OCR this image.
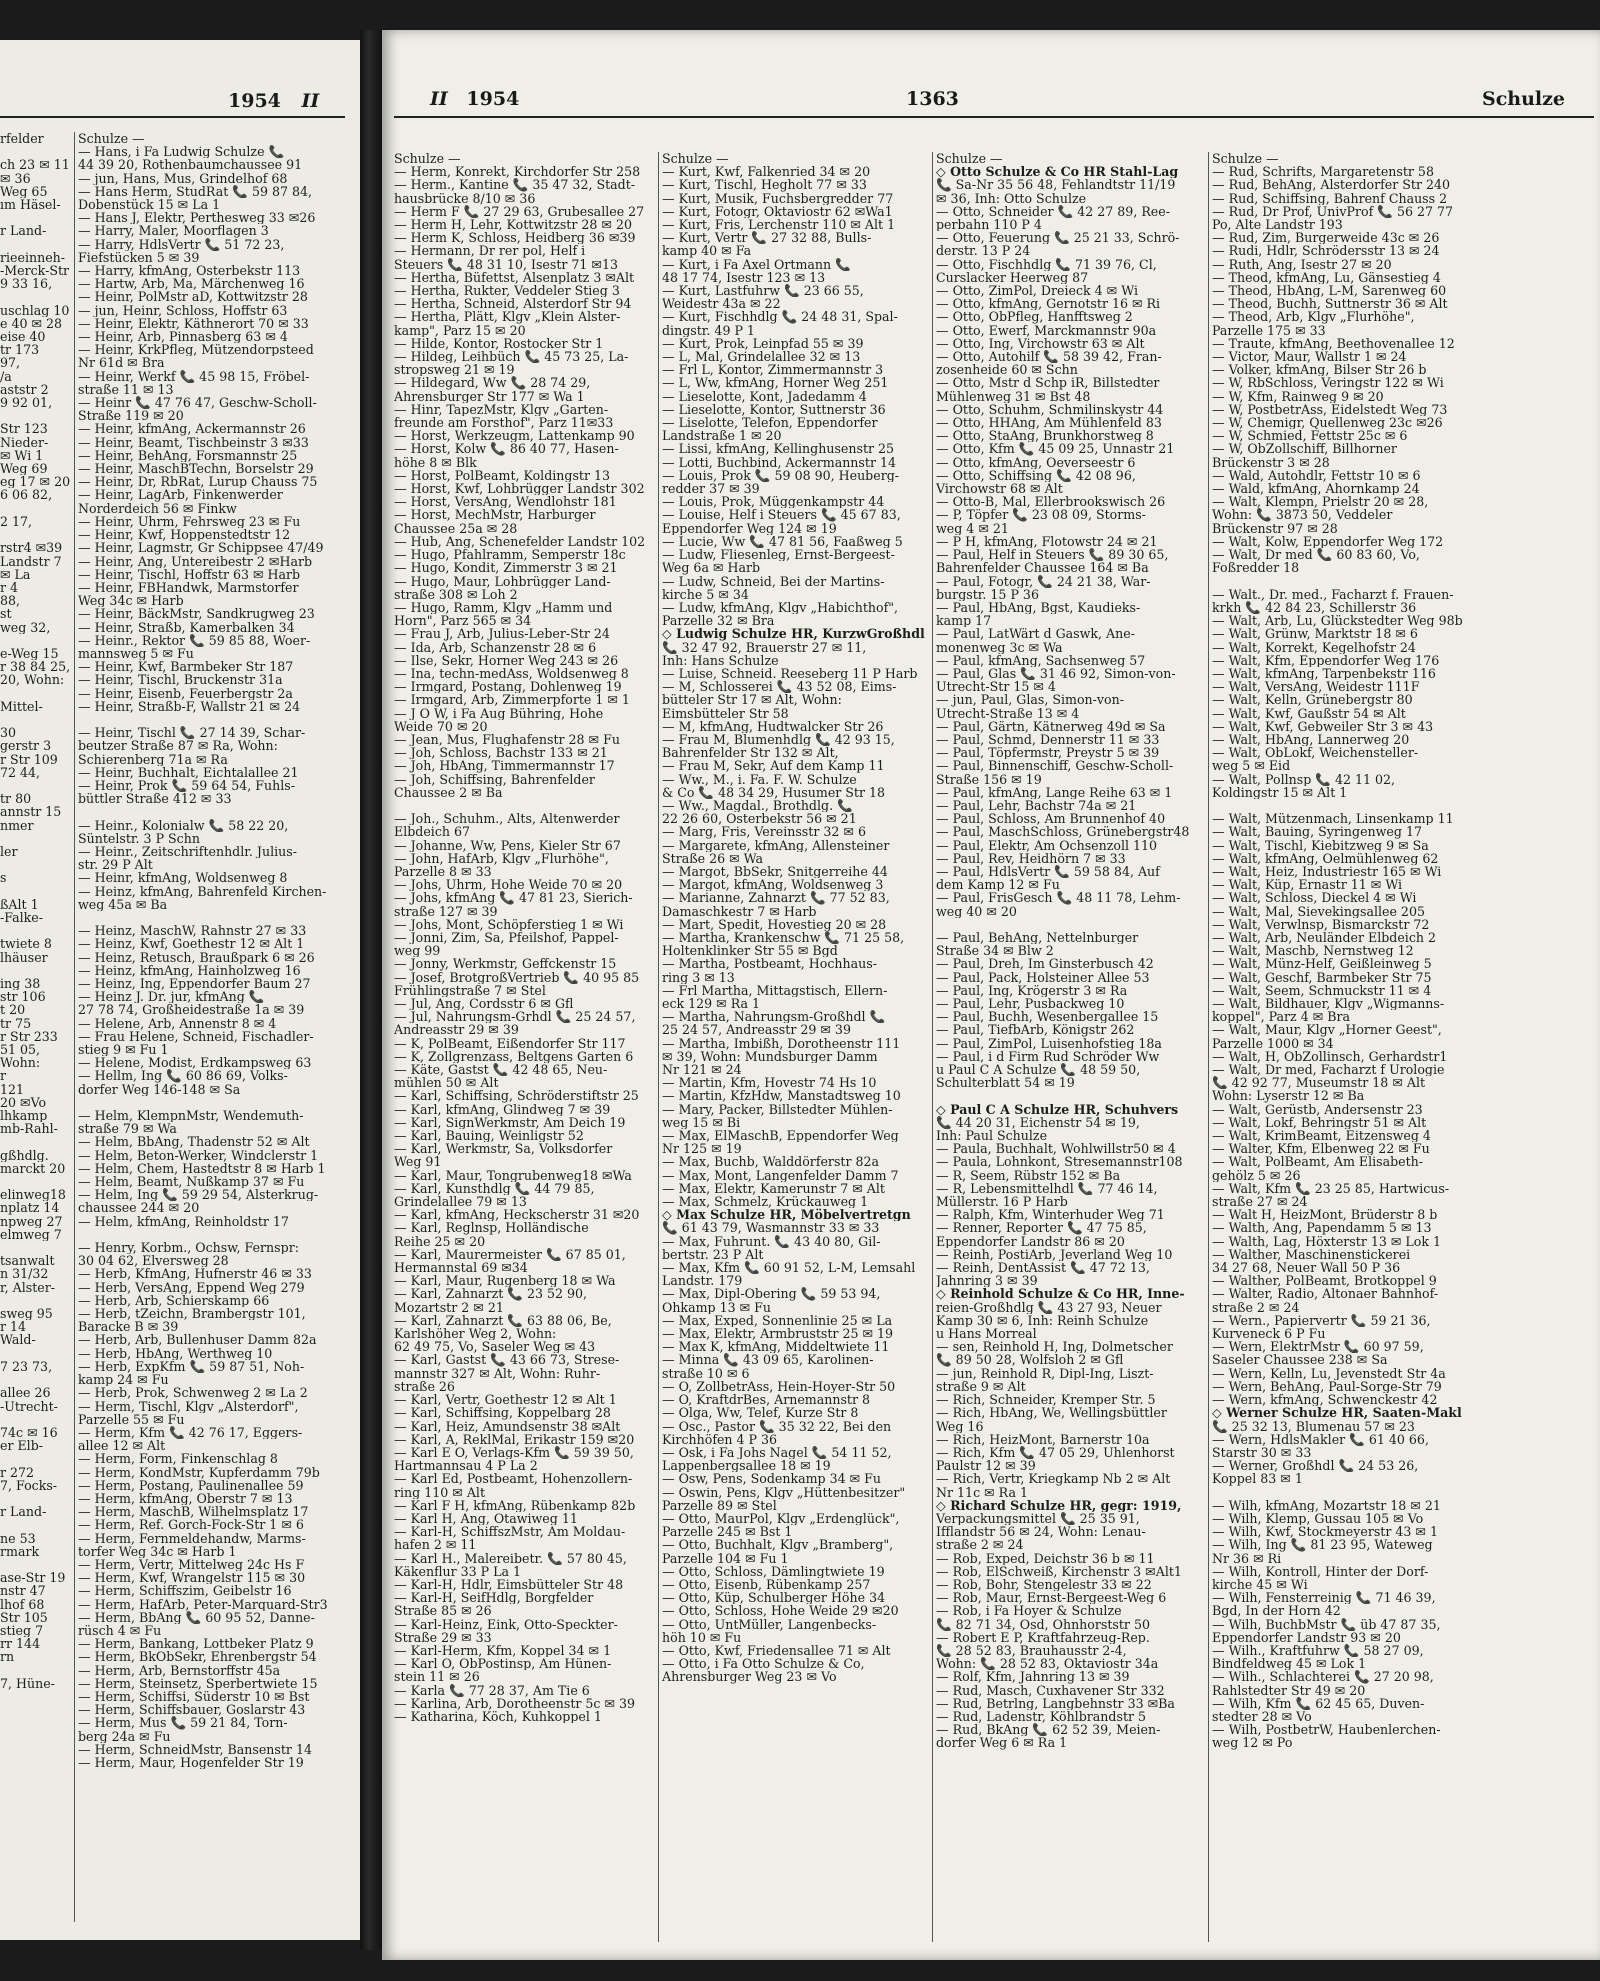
1954 II
rfelder

ch 23 ✉ 11
✉ 36
Weg 65
ım Häsel-

r Land-

rieeinneh-
-Merck-Str
9 33 16,

uschlag 10
e 40 ✉ 28
eise 40
tr 173
97,
/a
aststr 2
9 92 01,

Str 123
Nieder-
✉ Wi 1
Weg 69
eg 17 ✉ 20
6 06 82,

2 17,

rstr4 ✉39
Landstr 7
✉ La
r 4
88,
st
weg 32,

e-Weg 15
r 38 84 25,
20, Wohn:

Mittel-

30
gerstr 3
r Str 109
72 44,

tr 80
annstr 15
nmer

ler

s

ßAlt 1
-Falke-

twiete 8
lhäuser

ing 38
str 106
t 20
tr 75
r Str 233
51 05,
Wohn:
r
121
20 ✉Vo
lhkamp
mb-Rahl-

gßhdlg.
marckt 20

elinweg18
nplatz 14
npweg 27
elmweg 7

tsanwalt
n 31/32
r, Alster-

sweg 95
r 14
Wald-

7 23 73,

allee 26
-Utrecht-

74c ✉ 16
er Elb-

r 272
7, Focks-

r Land-

ne 53
rmark

ase-Str 19
nstr 47
lhof 68
Str 105
stieg 7
rr 144
rn

7, Hüne-
Schulze —
— Hans, i Fa Ludwig Schulze 📞
44 39 20, Rothenbaumchaussee 91
— jun, Hans, Mus, Grindelhof 68
— Hans Herm, StudRat 📞 59 87 84,
Dobenstück 15 ✉ La 1
— Hans J, Elektr, Perthesweg 33 ✉26
— Harry, Maler, Moorflagen 3
— Harry, HdlsVertr 📞 51 72 23,
Fiefstücken 5 ✉ 39
— Harry, kfmAng, Osterbekstr 113
— Hartw, Arb, Ma, Märchenweg 16
— Heinr, PolMstr aD, Kottwitzstr 28
— jun, Heinr, Schloss, Hoffstr 63
— Heinr, Elektr, Käthnerort 70 ✉ 33
— Heinr, Arb, Pinnasberg 63 ✉ 4
— Heinr, KrkPfleg, Mützendorpsteed
Nr 61d ✉ Bra
— Heinr, Werkf 📞 45 98 15, Fröbel-
straße 11 ✉ 13
— Heinr 📞 47 76 47, Geschw-Scholl-
Straße 119 ✉ 20
— Heinr, kfmAng, Ackermannstr 26
— Heinr, Beamt, Tischbeinstr 3 ✉33
— Heinr, BehAng, Forsmannstr 25
— Heinr, MaschBTechn, Borselstr 29
— Heinr, Dr, RbRat, Lurup Chauss 75
— Heinr, LagArb, Finkenwerder
Norderdeich 56 ✉ Finkw
— Heinr, Uhrm, Fehrsweg 23 ✉ Fu
— Heinr, Kwf, Hoppenstedtstr 12
— Heinr, Lagmstr, Gr Schippsee 47/49
— Heinr, Ang, Untereibestr 2 ✉Harb
— Heinr, Tischl, Hoffstr 63 ✉ Harb
— Heinr, FBHandwk, Marmstorfer
Weg 34c ✉ Harb
— Heinr, BäckMstr, Sandkrugweg 23
— Heinr, Straßb, Kamerbalken 34
— Heinr., Rektor 📞 59 85 88, Woer-
mannsweg 5 ✉ Fu
— Heinr, Kwf, Barmbeker Str 187
— Heinr, Tischl, Bruckenstr 31a
— Heinr, Eisenb, Feuerbergstr 2a
— Heinr, Straßb-F, Wallstr 21 ✉ 24

— Heinr, Tischl 📞 27 14 39, Schar-
beutzer Straße 87 ✉ Ra, Wohn:
Schierenberg 71a ✉ Ra
— Heinr, Buchhalt, Eichtalallee 21
— Heinr, Prok 📞 59 64 54, Fuhls-
büttler Straße 412 ✉ 33

— Heinr., Kolonialw 📞 58 22 20,
Süntelstr. 3 P Schn
— Heinr., Zeitschriftenhdlr. Julius-
str. 29 P Alt
— Heinr, kfmAng, Woldsenweg 8
— Heinz, kfmAng, Bahrenfeld Kirchen-
weg 45a ✉ Ba

— Heinz, MaschW, Rahnstr 27 ✉ 33
— Heinz, Kwf, Goethestr 12 ✉ Alt 1
— Heinz, Retusch, Braußpark 6 ✉ 26
— Heinz, kfmAng, Hainholzweg 16
— Heinz, Ing, Eppendorfer Baum 27
— Heinz J. Dr. jur, kfmAng 📞
27 78 74, Großheidestraße 1a ✉ 39
— Helene, Arb, Annenstr 8 ✉ 4
— Frau Helene, Schneid, Fischadler-
stieg 9 ✉ Fu 1
— Helene, Modist, Erdkampsweg 63
— Hellm, Ing 📞 60 86 69, Volks-
dorfer Weg 146-148 ✉ Sa

— Helm, KlempnMstr, Wendemuth-
straße 79 ✉ Wa
— Helm, BbAng, Thadenstr 52 ✉ Alt
— Helm, Beton-Werker, Windclerstr 1
— Helm, Chem, Hastedtstr 8 ✉ Harb 1
— Helm, Beamt, Nußkamp 37 ✉ Fu
— Helm, Ing 📞 59 29 54, Alsterkrug-
chaussee 244 ✉ 20
— Helm, kfmAng, Reinholdstr 17

— Henry, Korbm., Ochsw, Fernspr:
30 04 62, Elversweg 28
— Herb, KfmAng, Hufnerstr 46 ✉ 33
— Herb, VersAng, Eppend Weg 279
— Herb, Arb, Schierskamp 66
— Herb, tZeichn, Brambergstr 101,
Baracke B ✉ 39
— Herb, Arb, Bullenhuser Damm 82a
— Herb, HbAng, Werthweg 10
— Herb, ExpKfm 📞 59 87 51, Noh-
kamp 24 ✉ Fu
— Herb, Prok, Schwenweg 2 ✉ La 2
— Herm, Tischl, Klgv „Alsterdorf",
Parzelle 55 ✉ Fu
— Herm, Kfm 📞 42 76 17, Eggers-
allee 12 ✉ Alt
— Herm, Form, Finkenschlag 8
— Herm, KondMstr, Kupferdamm 79b
— Herm, Postang, Paulinenallee 59
— Herm, kfmAng, Oberstr 7 ✉ 13
— Herm, MaschB, Wilhelmsplatz 17
— Herm, Ref. Gorch-Fock-Str 1 ✉ 6
— Herm, Fernmeldehandw, Marms-
torfer Weg 34c ✉ Harb 1
— Herm, Vertr, Mittelweg 24c Hs F
— Herm, Kwf, Wrangelstr 115 ✉ 30
— Herm, Schiffszim, Geibelstr 16
— Herm, HafArb, Peter-Marquard-Str3
— Herm, BbAng 📞 60 95 52, Danne-
rüsch 4 ✉ Fu
— Herm, Bankang, Lottbeker Platz 9
— Herm, BkObSekr, Ehrenbergstr 54
— Herm, Arb, Bernstorffstr 45a
— Herm, Steinsetz, Sperbertwiete 15
— Herm, Schiffsi, Süderstr 10 ✉ Bst
— Herm, Schiffsbauer, Goslarstr 43
— Herm, Mus 📞 59 21 84, Torn-
berg 24a ✉ Fu
— Herm, SchneidMstr, Bansenstr 14
— Herm, Maur, Hogenfelder Str 19
II 1954	1363	Schulze
Schulze —
— Herm, Konrekt, Kirchdorfer Str 258
— Herm., Kantine 📞 35 47 32, Stadt-
hausbrücke 8/10 ✉ 36
— Herm F 📞 27 29 63, Grubesallee 27
— Herm H, Lehr, Kottwitzstr 28 ✉ 20
— Herm K, Schloss, Heidberg 36 ✉39
— Hermann, Dr rer pol, Helf i
Steuers 📞 48 31 10, Isestr 71 ✉13
— Hertha, Büfettst, Alsenplatz 3 ✉Alt
— Hertha, Rukter, Veddeler Stieg 3
— Hertha, Schneid, Alsterdorf Str 94
— Hertha, Plätt, Klgv „Klein Alster-
kamp", Parz 15 ✉ 20
— Hilde, Kontor, Rostocker Str 1
— Hildeg, Leihbüch 📞 45 73 25, La-
stropsweg 21 ✉ 19
— Hildegard, Ww 📞 28 74 29,
Ahrensburger Str 177 ✉ Wa 1
— Hinr, TapezMstr, Klgv „Garten-
freunde am Forsthof", Parz 11✉33
— Horst, Werkzeugm, Lattenkamp 90
— Horst, Kolw 📞 86 40 77, Hasen-
höhe 8 ✉ Blk
— Horst, PolBeamt, Koldingstr 13
— Horst, Kwf, Lohbrügger Landstr 302
— Horst, VersAng, Wendlohstr 181
— Horst, MechMstr, Harburger
Chaussee 25a ✉ 28
— Hub, Ang, Schenefelder Landstr 102
— Hugo, Pfahlramm, Semperstr 18c
— Hugo, Kondit, Zimmerstr 3 ✉ 21
— Hugo, Maur, Lohbrügger Land-
straße 308 ✉ Loh 2
— Hugo, Ramm, Klgv „Hamm und
Horn", Parz 565 ✉ 34
— Frau J, Arb, Julius-Leber-Str 24
— Ida, Arb, Schanzenstr 28 ✉ 6
— Ilse, Sekr, Horner Weg 243 ✉ 26
— Ina, techn-medAss, Woldsenweg 8
— Irmgard, Postang, Dohlenweg 19
— Irmgard, Arb, Zimmerpforte 1 ✉ 1
— J O W, i Fa Aug Bühring, Hohe
Weide 70 ✉ 20
— Jean, Mus, Flughafenstr 28 ✉ Fu
— Joh, Schloss, Bachstr 133 ✉ 21
— Joh, HbAng, Timmermannstr 17
— Joh, Schiffsing, Bahrenfelder
Chaussee 2 ✉ Ba

— Joh., Schuhm., Alts, Altenwerder
Elbdeich 67
— Johanne, Ww, Pens, Kieler Str 67
— John, HafArb, Klgv „Flurhöhe",
Parzelle 8 ✉ 33
— Johs, Uhrm, Hohe Weide 70 ✉ 20
— Johs, kfmAng 📞 47 81 23, Sierich-
straße 127 ✉ 39
— Johs, Mont, Schöpferstieg 1 ✉ Wi
— Jonni, Zim, Sa, Pfeilshof, Pappel-
weg 99
— Jonny, Werkmstr, Geffckenstr 15
— Josef, BrotgroßVertrieb 📞 40 95 85
Frühlingstraße 7 ✉ Stel
— Jul, Ang, Cordsstr 6 ✉ Gfl
— Jul, Nahrungsm-Grhdl 📞 25 24 57,
Andreasstr 29 ✉ 39
— K, PolBeamt, Eißendorfer Str 117
— K, Zollgrenzass, Beltgens Garten 6
— Käte, Gastst 📞 42 48 65, Neu-
mühlen 50 ✉ Alt
— Karl, Schiffsing, Schröderstiftstr 25
— Karl, kfmAng, Glindweg 7 ✉ 39
— Karl, SignWerkmstr, Am Deich 19
— Karl, Bauing, Weinligstr 52
— Karl, Werkmstr, Sa, Volksdorfer
Weg 91
— Karl, Maur, Tongrubenweg18 ✉Wa
— Karl, Kunsthdlg 📞 44 79 85,
Grindelallee 79 ✉ 13
— Karl, kfmAng, Heckscherstr 31 ✉20
— Karl, Reglnsp, Holländische
Reihe 25 ✉ 20
— Karl, Maurermeister 📞 67 85 01,
Hermannstal 69 ✉34
— Karl, Maur, Rugenberg 18 ✉ Wa
— Karl, Zahnarzt 📞 23 52 90,
Mozartstr 2 ✉ 21
— Karl, Zahnarzt 📞 63 88 06, Be,
Karlshöher Weg 2, Wohn:
62 49 75, Vo, Saseler Weg ✉ 43
— Karl, Gastst 📞 43 66 73, Strese-
mannstr 327 ✉ Alt, Wohn: Ruhr-
straße 26
— Karl, Vertr, Goethestr 12 ✉ Alt 1
— Karl, Schiffsing, Koppelbarg 28
— Karl, Heiz, Amundsenstr 38 ✉Alt
— Karl, A, ReklMal, Erikastr 159 ✉20
— Karl E O, Verlags-Kfm 📞 59 39 50,
Hartmannsau 4 P La 2
— Karl Ed, Postbeamt, Hohenzollern-
ring 110 ✉ Alt
— Karl F H, kfmAng, Rübenkamp 82b
— Karl H, Ang, Otawiweg 11
— Karl-H, SchiffszMstr, Am Moldau-
hafen 2 ✉ 11
— Karl H., Malereibetr. 📞 57 80 45,
Käkenflur 33 P La 1
— Karl-H, Hdlr, Eimsbütteler Str 48
— Karl-H, SeifHdlg, Borgfelder
Straße 85 ✉ 26
— Karl-Heinz, Eink, Otto-Speckter-
Straße 29 ✉ 33
— Karl-Herm, Kfm, Koppel 34 ✉ 1
— Karl O, ObPostinsp, Am Hünen-
stein 11 ✉ 26
— Karla 📞 77 28 37, Am Tie 6
— Karlina, Arb, Dorotheenstr 5c ✉ 39
— Katharina, Köch, Kuhkoppel 1
Schulze —
— Kurt, Kwf, Falkenried 34 ✉ 20
— Kurt, Tischl, Hegholt 77 ✉ 33
— Kurt, Musik, Fuchsbergredder 77
— Kurt, Fotogr, Oktaviostr 62 ✉Wa1
— Kurt, Fris, Lerchenstr 110 ✉ Alt 1
— Kurt, Vertr 📞 27 32 88, Bulls-
kamp 40 ✉ Fa
— Kurt, i Fa Axel Ortmann 📞
48 17 74, Isestr 123 ✉ 13
— Kurt, Lastfuhrw 📞 23 66 55,
Weidestr 43a ✉ 22
— Kurt, Fischhdlg 📞 24 48 31, Spal-
dingstr. 49 P 1
— Kurt, Prok, Leinpfad 55 ✉ 39
— L, Mal, Grindelallee 32 ✉ 13
— Frl L, Kontor, Zimmermannstr 3
— L, Ww, kfmAng, Horner Weg 251
— Lieselotte, Kont, Jadedamm 4
— Lieselotte, Kontor, Suttnerstr 36
— Liselotte, Telefon, Eppendorfer
Landstraße 1 ✉ 20
— Lissi, kfmAng, Kellinghusenstr 25
— Lotti, Buchbind, Ackermannstr 14
— Louis, Prok 📞 59 08 90, Heuberg-
redder 37 ✉ 39
— Louis, Prok, Müggenkampstr 44
— Louise, Helf i Steuers 📞 45 67 83,
Eppendorfer Weg 124 ✉ 19
— Lucie, Ww 📞 47 81 56, Faaßweg 5
— Ludw, Fliesenleg, Ernst-Bergeest-
Weg 6a ✉ Harb
— Ludw, Schneid, Bei der Martins-
kirche 5 ✉ 34
— Ludw, kfmAng, Klgv „Habichthof",
Parzelle 32 ✉ Bra
◇ Ludwig Schulze HR, KurzwGroßhdl
📞 32 47 92, Brauerstr 27 ✉ 11,
Inh: Hans Schulze
— Luise, Schneid. Reeseberg 11 P Harb
— M, Schlosserei 📞 43 52 08, Eims-
bütteler Str 17 ✉ Alt, Wohn:
Eimsbütteler Str 58
— M, kfmAng, Hudtwalcker Str 26
— Frau M, Blumenhdlg 📞 42 93 15,
Bahrenfelder Str 132 ✉ Alt,
— Frau M, Sekr, Auf dem Kamp 11
— Ww., M., i. Fa. F. W. Schulze
& Co 📞 48 34 29, Husumer Str 18
— Ww., Magdal., Brothdlg. 📞
22 26 60, Osterbekstr 56 ✉ 21
— Marg, Fris, Vereinsstr 32 ✉ 6
— Margarete, kfmAng, Allensteiner
Straße 26 ✉ Wa
— Margot, BbSekr, Snitgerreihe 44
— Margot, kfmAng, Woldsenweg 3
— Marianne, Zahnarzt 📞 77 52 83,
Damaschkestr 7 ✉ Harb
— Mart, Spedit, Hovestieg 20 ✉ 28
— Martha, Krankenschw 📞 71 25 58,
Holtenklinker Str 55 ✉ Bgd
— Martha, Postbeamt, Hochhaus-
ring 3 ✉ 13
— Frl Martha, Mittagstisch, Ellern-
eck 129 ✉ Ra 1
— Martha, Nahrungsm-Großhdl 📞
25 24 57, Andreasstr 29 ✉ 39
— Martha, Imbißh, Dorotheenstr 111
✉ 39, Wohn: Mundsburger Damm
Nr 121 ✉ 24
— Martin, Kfm, Hovestr 74 Hs 10
— Martin, KfzHdw, Manstadtsweg 10
— Mary, Packer, Billstedter Mühlen-
weg 15 ✉ Bi
— Max, ElMaschB, Eppendorfer Weg
Nr 125 ✉ 19
— Max, Buchb, Walddörferstr 82a
— Max, Mont, Langenfelder Damm 7
— Max, Elektr, Kamerunstr 7 ✉ Alt
— Max, Schmelz, Krückauweg 1
◇ Max Schulze HR, Möbelvertretgn
📞 61 43 79, Wasmannstr 33 ✉ 33
— Max, Fuhrunt. 📞 43 40 80, Gil-
bertstr. 23 P Alt
— Max, Kfm 📞 60 91 52, L-M, Lemsahl
Landstr. 179
— Max, Dipl-Obering 📞 59 53 94,
Ohkamp 13 ✉ Fu
— Max, Exped, Sonnenlinie 25 ✉ La
— Max, Elektr, Armbruststr 25 ✉ 19
— Max K, kfmAng, Middeltwiete 11
— Minna 📞 43 09 65, Karolinen-
straße 10 ✉ 6
— O, ZollbetrAss, Hein-Hoyer-Str 50
— O, KraftdrBes, Arnemannstr 8
— Olga, Ww, Telef, Kurze Str 8
— Osc., Pastor 📞 35 32 22, Bei den
Kirchhöfen 4 P 36
— Osk, i Fa Johs Nagel 📞 54 11 52,
Lappenbergsallee 18 ✉ 19
— Osw, Pens, Sodenkamp 34 ✉ Fu
— Oswin, Pens, Klgv „Hüttenbesitzer"
Parzelle 89 ✉ Stel
— Otto, MaurPol, Klgv „Erdenglück",
Parzelle 245 ✉ Bst 1
— Otto, Buchhalt, Klgv „Bramberg",
Parzelle 104 ✉ Fu 1
— Otto, Schloss, Dämlingtwiete 19
— Otto, Eisenb, Rübenkamp 257
— Otto, Küp, Schulberger Höhe 34
— Otto, Schloss, Hohe Weide 29 ✉20
— Otto, UntMüller, Langenbecks-
höh 10 ✉ Fu
— Otto, Kwf, Friedensallee 71 ✉ Alt
— Otto, i Fa Otto Schulze & Co,
Ahrensburger Weg 23 ✉ Vo
Schulze —
◇ Otto Schulze & Co HR Stahl-Lag
📞 Sa-Nr 35 56 48, Fehlandtstr 11/19
✉ 36, Inh: Otto Schulze
— Otto, Schneider 📞 42 27 89, Ree-
perbahn 110 P 4
— Otto, Feuerung 📞 25 21 33, Schrö-
derstr. 13 P 24
— Otto, Fischhdlg 📞 71 39 76, Cl,
Curslacker Heerweg 87
— Otto, ZimPol, Dreieck 4 ✉ Wi
— Otto, kfmAng, Gernotstr 16 ✉ Ri
— Otto, ObPfleg, Hanfftsweg 2
— Otto, Ewerf, Marckmannstr 90a
— Otto, Ing, Virchowstr 63 ✉ Alt
— Otto, Autohilf 📞 58 39 42, Fran-
zosenheide 60 ✉ Schn
— Otto, Mstr d Schp iR, Billstedter
Mühlenweg 31 ✉ Bst 48
— Otto, Schuhm, Schmilinskystr 44
— Otto, HHAng, Am Mühlenfeld 83
— Otto, StaAng, Brunkhorstweg 8
— Otto, Kfm 📞 45 09 25, Unnastr 21
— Otto, kfmAng, Oeverseestr 6
— Otto, Schiffsing 📞 42 08 96,
Virchowstr 68 ✉ Alt
— Otto-B, Mal, Ellerbrookswisch 26
— P, Töpfer 📞 23 08 09, Storms-
weg 4 ✉ 21
— P H, kfmAng, Flotowstr 24 ✉ 21
— Paul, Helf in Steuers 📞 89 30 65,
Bahrenfelder Chaussee 164 ✉ Ba
— Paul, Fotogr, 📞 24 21 38, War-
burgstr. 15 P 36
— Paul, HbAng, Bgst, Kaudieks-
kamp 17
— Paul, LatWärt d Gaswk, Ane-
monenweg 3c ✉ Wa
— Paul, kfmAng, Sachsenweg 57
— Paul, Glas 📞 31 46 92, Simon-von-
Utrecht-Str 15 ✉ 4
— jun, Paul, Glas, Simon-von-
Utrecht-Straße 13 ✉ 4
— Paul, Gärtn, Kätnerweg 49d ✉ Sa
— Paul, Schmd, Dennerstr 11 ✉ 33
— Paul, Töpfermstr, Preystr 5 ✉ 39
— Paul, Binnenschiff, Geschw-Scholl-
Straße 156 ✉ 19
— Paul, kfmAng, Lange Reihe 63 ✉ 1
— Paul, Lehr, Bachstr 74a ✉ 21
— Paul, Schloss, Am Brunnenhof 40
— Paul, MaschSchloss, Grünebergstr48
— Paul, Elektr, Am Ochsenzoll 110
— Paul, Rev, Heidhörn 7 ✉ 33
— Paul, HdlsVertr 📞 59 58 84, Auf
dem Kamp 12 ✉ Fu
— Paul, FrisGesch 📞 48 11 78, Lehm-
weg 40 ✉ 20

— Paul, BehAng, Nettelnburger
Straße 34 ✉ Blw 2
— Paul, Dreh, Im Ginsterbusch 42
— Paul, Pack, Holsteiner Allee 53
— Paul, Ing, Krögerstr 3 ✉ Ra
— Paul, Lehr, Pusbackweg 10
— Paul, Buchh, Wesenbergallee 15
— Paul, TiefbArb, Königstr 262
— Paul, ZimPol, Luisenhofstieg 18a
— Paul, i d Firm Rud Schröder Ww
u Paul C A Schulze 📞 48 59 50,
Schulterblatt 54 ✉ 19

◇ Paul C A Schulze HR, Schuhvers
📞 44 20 31, Eichenstr 54 ✉ 19,
Inh: Paul Schulze
— Paula, Buchhalt, Wohlwillstr50 ✉ 4
— Paula, Lohnkont, Stresemannstr108
— R, Seem, Rübstr 152 ✉ Ba
— R, Lebensmittelhdl 📞 77 46 14,
Müllerstr. 16 P Harb
— Ralph, Kfm, Winterhuder Weg 71
— Renner, Reporter 📞 47 75 85,
Eppendorfer Landstr 86 ✉ 20
— Reinh, PostiArb, Jeverland Weg 10
— Reinh, DentAssist 📞 47 72 13,
Jahnring 3 ✉ 39
◇ Reinhold Schulze & Co HR, Inne-
reien-Großhdlg 📞 43 27 93, Neuer
Kamp 30 ✉ 6, Inh: Reinh Schulze
u Hans Morreal
— sen, Reinhold H, Ing, Dolmetscher
📞 89 50 28, Wolfsloh 2 ✉ Gfl
— jun, Reinhold R, Dipl-Ing, Liszt-
straße 9 ✉ Alt
— Rich, Schneider, Kremper Str. 5
— Rich, HbAng, We, Wellingsbüttler
Weg 16
— Rich, HeizMont, Barnerstr 10a
— Rich, Kfm 📞 47 05 29, Uhlenhorst
Paulstr 12 ✉ 39
— Rich, Vertr, Kriegkamp Nb 2 ✉ Alt
Nr 11c ✉ Ra 1
◇ Richard Schulze HR, gegr: 1919,
Verpackungsmittel 📞 25 35 91,
Ifflandstr 56 ✉ 24, Wohn: Lenau-
straße 2 ✉ 24
— Rob, Exped, Deichstr 36 b ✉ 11
— Rob, ElSchweiß, Kirchenstr 3 ✉Alt1
— Rob, Bohr, Stengelestr 33 ✉ 22
— Rob, Maur, Ernst-Bergeest-Weg 6
— Rob, i Fa Hoyer & Schulze
📞 82 71 34, Osd, Ohnhorststr 50
— Robert E P, Kraftfahrzeug-Rep.
📞 28 52 83, Brauhausstr 2-4,
Wohn: 📞 28 52 83, Oktaviostr 34a
— Rolf, Kfm, Jahnring 13 ✉ 39
— Rud, Masch, Cuxhavener Str 332
— Rud, Betrlng, Langbehnstr 33 ✉Ba
— Rud, Ladenstr, Köhlbrandstr 5
— Rud, BkAng 📞 62 52 39, Meien-
dorfer Weg 6 ✉ Ra 1
Schulze —
— Rud, Schrifts, Margaretenstr 58
— Rud, BehAng, Alsterdorfer Str 240
— Rud, Schiffsing, Bahrenf Chauss 2
— Rud, Dr Prof, UnivProf 📞 56 27 77
Po, Alte Landstr 193
— Rud, Zim, Burgerweide 43c ✉ 26
— Rudi, Hdlr, Schrödersstr 13 ✉ 24
— Ruth, Ang, Isestr 27 ✉ 20
— Theod, kfmAng, Lu, Gänsestieg 4
— Theod, HbAng, L-M, Sarenweg 60
— Theod, Buchh, Suttnerstr 36 ✉ Alt
— Theod, Arb, Klgv „Flurhöhe",
Parzelle 175 ✉ 33
— Traute, kfmAng, Beethovenallee 12
— Victor, Maur, Wallstr 1 ✉ 24
— Volker, kfmAng, Bilser Str 26 b
— W, RbSchloss, Veringstr 122 ✉ Wi
— W, Kfm, Rainweg 9 ✉ 20
— W, PostbetrAss, Eidelstedt Weg 73
— W, Chemigr, Quellenweg 23c ✉26
— W, Schmied, Fettstr 25c ✉ 6
— W, ObZollschiff, Billhorner
Brückenstr 3 ✉ 28
— Wald, Autohdlr, Fettstr 10 ✉ 6
— Wald, kfmAng, Ahornkamp 24
— Walt, Klempn, Prielstr 20 ✉ 28,
Wohn: 📞 3873 50, Veddeler
Brückenstr 97 ✉ 28
— Walt, Kolw, Eppendorfer Weg 172
— Walt, Dr med 📞 60 83 60, Vo,
Foßredder 18

— Walt., Dr. med., Facharzt f. Frauen-
krkh 📞 42 84 23, Schillerstr 36
— Walt, Arb, Lu, Glückstedter Weg 98b
— Walt, Grünw, Marktstr 18 ✉ 6
— Walt, Korrekt, Kegelhofstr 24
— Walt, Kfm, Eppendorfer Weg 176
— Walt, kfmAng, Tarpenbekstr 116
— Walt, VersAng, Weidestr 111F
— Walt, Kelln, Grünebergstr 80
— Walt, Kwf, Gaußstr 54 ✉ Alt
— Walt, Kwf, Gebweiler Str 3 ✉ 43
— Walt, HbAng, Lannerweg 20
— Walt, ObLokf, Weichensteller-
weg 5 ✉ Eid
— Walt, Pollnsp 📞 42 11 02,
Koldingstr 15 ✉ Alt 1

— Walt, Mützenmach, Linsenkamp 11
— Walt, Bauing, Syringenweg 17
— Walt, Tischl, Kiebitzweg 9 ✉ Sa
— Walt, kfmAng, Oelmühlenweg 62
— Walt, Heiz, Industriestr 165 ✉ Wi
— Walt, Küp, Ernastr 11 ✉ Wi
— Walt, Schloss, Dieckel 4 ✉ Wi
— Walt, Mal, Sievekingsallee 205
— Walt, Verwlnsp, Bismarckstr 72
— Walt, Arb, Neuländer Elbdeich 2
— Walt, Maschb, Nernstweg 12
— Walt, Münz-Helf, Geißleinweg 5
— Walt, Geschf, Barmbeker Str 75
— Walt, Seem, Schmuckstr 11 ✉ 4
— Walt, Bildhauer, Klgv „Wigmanns-
koppel", Parz 4 ✉ Bra
— Walt, Maur, Klgv „Horner Geest",
Parzelle 1000 ✉ 34
— Walt, H, ObZollinsch, Gerhardstr1
— Walt, Dr med, Facharzt f Urologie
📞 42 92 77, Museumstr 18 ✉ Alt
Wohn: Lyserstr 12 ✉ Ba
— Walt, Gerüstb, Andersenstr 23
— Walt, Lokf, Behringstr 51 ✉ Alt
— Walt, KrimBeamt, Eitzensweg 4
— Walter, Kfm, Elbenweg 22 ✉ Fu
— Walt, PolBeamt, Am Elisabeth-
gehölz 5 ✉ 26
— Walt, Kfm 📞 23 25 85, Hartwicus-
straße 27 ✉ 24
— Walt H, HeizMont, Brüderstr 8 b
— Walth, Ang, Papendamm 5 ✉ 13
— Walth, Lag, Höxterstr 13 ✉ Lok 1
— Walther, Maschinenstickerei
34 27 68, Neuer Wall 50 P 36
— Walther, PolBeamt, Brotkoppel 9
— Walter, Radio, Altonaer Bahnhof-
straße 2 ✉ 24
— Wern., Papiervertr 📞 59 21 36,
Kurveneck 6 P Fu
— Wern, ElektrMstr 📞 60 97 59,
Saseler Chaussee 238 ✉ Sa
— Wern, Kelln, Lu, Jevenstedt Str 4a
— Wern, BehAng, Paul-Sorge-Str 79
— Wern, kfmAng, Schwenckestr 42
◇ Werner Schulze HR, Saaten-Makl
📞 25 32 13, Blumenau 57 ✉ 23
— Wern, HdlsMakler 📞 61 40 66,
Starstr 30 ✉ 33
— Werner, Großhdl 📞 24 53 26,
Koppel 83 ✉ 1

— Wilh, kfmAng, Mozartstr 18 ✉ 21
— Wilh, Klemp, Gussau 105 ✉ Vo
— Wilh, Kwf, Stockmeyerstr 43 ✉ 1
— Wilh, Ing 📞 81 23 95, Wateweg
Nr 36 ✉ Ri
— Wilh, Kontroll, Hinter der Dorf-
kirche 45 ✉ Wi
— Wilh, Fensterreinig 📞 71 46 39,
Bgd, In der Horn 42
— Wilh, BuchbMstr 📞 üb 47 87 35,
Eppendorfer Landstr 93 ✉ 20
— Wilh., Kraftfuhrw 📞 58 27 09,
Bindfeldweg 45 ✉ Lok 1
— Wilh., Schlachterei 📞 27 20 98,
Rahlstedter Str 49 ✉ 20
— Wilh, Kfm 📞 62 45 65, Duven-
stedter 28 ✉ Vo
— Wilh, PostbetrW, Haubenlerchen-
weg 12 ✉ Po
